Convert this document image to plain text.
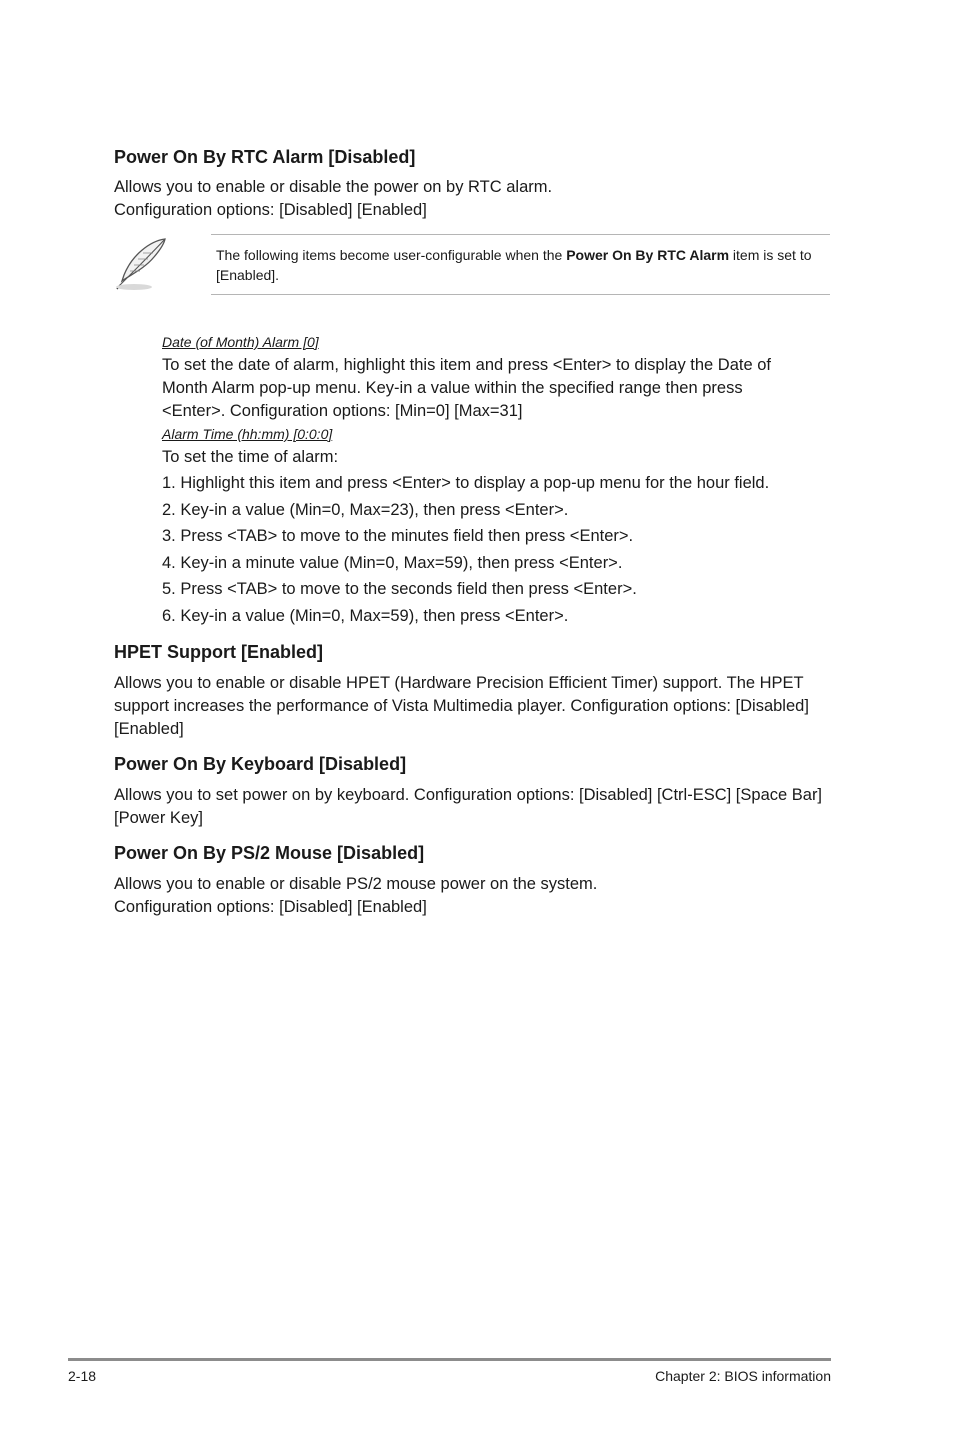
Power On By RTC Alarm [Disabled]

Allows you to enable or disable the power on by RTC alarm.
Configuration options: [Disabled] [Enabled]

The following items become user-configurable when the Power On By RTC Alarm item is set to [Enabled].
Date (of Month) Alarm [0]

To set the date of alarm, highlight this item and press <Enter> to display the Date of Month Alarm pop-up menu. Key-in a value within the specified range then press <Enter>. Configuration options: [Min=0] [Max=31]

Alarm Time (hh:mm) [0:0:0]

To set the time of alarm:

1. Highlight this item and press <Enter> to display a pop-up menu for the hour field.
2. Key-in a value (Min=0, Max=23), then press <Enter>.
3. Press <TAB> to move to the minutes field then press <Enter>.
4. Key-in a minute value (Min=0, Max=59), then press <Enter>.
5. Press <TAB> to move to the seconds field then press <Enter>.
6. Key-in a value (Min=0, Max=59), then press <Enter>.
HPET Support [Enabled]

Allows you to enable or disable HPET (Hardware Precision Efficient Timer) support. The HPET support increases the performance of Vista Multimedia player. Configuration options: [Disabled] [Enabled]

Power On By Keyboard [Disabled]

Allows you to set power on by keyboard. Configuration options: [Disabled] [Ctrl-ESC] [Space Bar] [Power Key]

Power On By PS/2 Mouse [Disabled]

Allows you to enable or disable PS/2 mouse power on the system.
Configuration options: [Disabled] [Enabled]

2-18	Chapter 2: BIOS information
